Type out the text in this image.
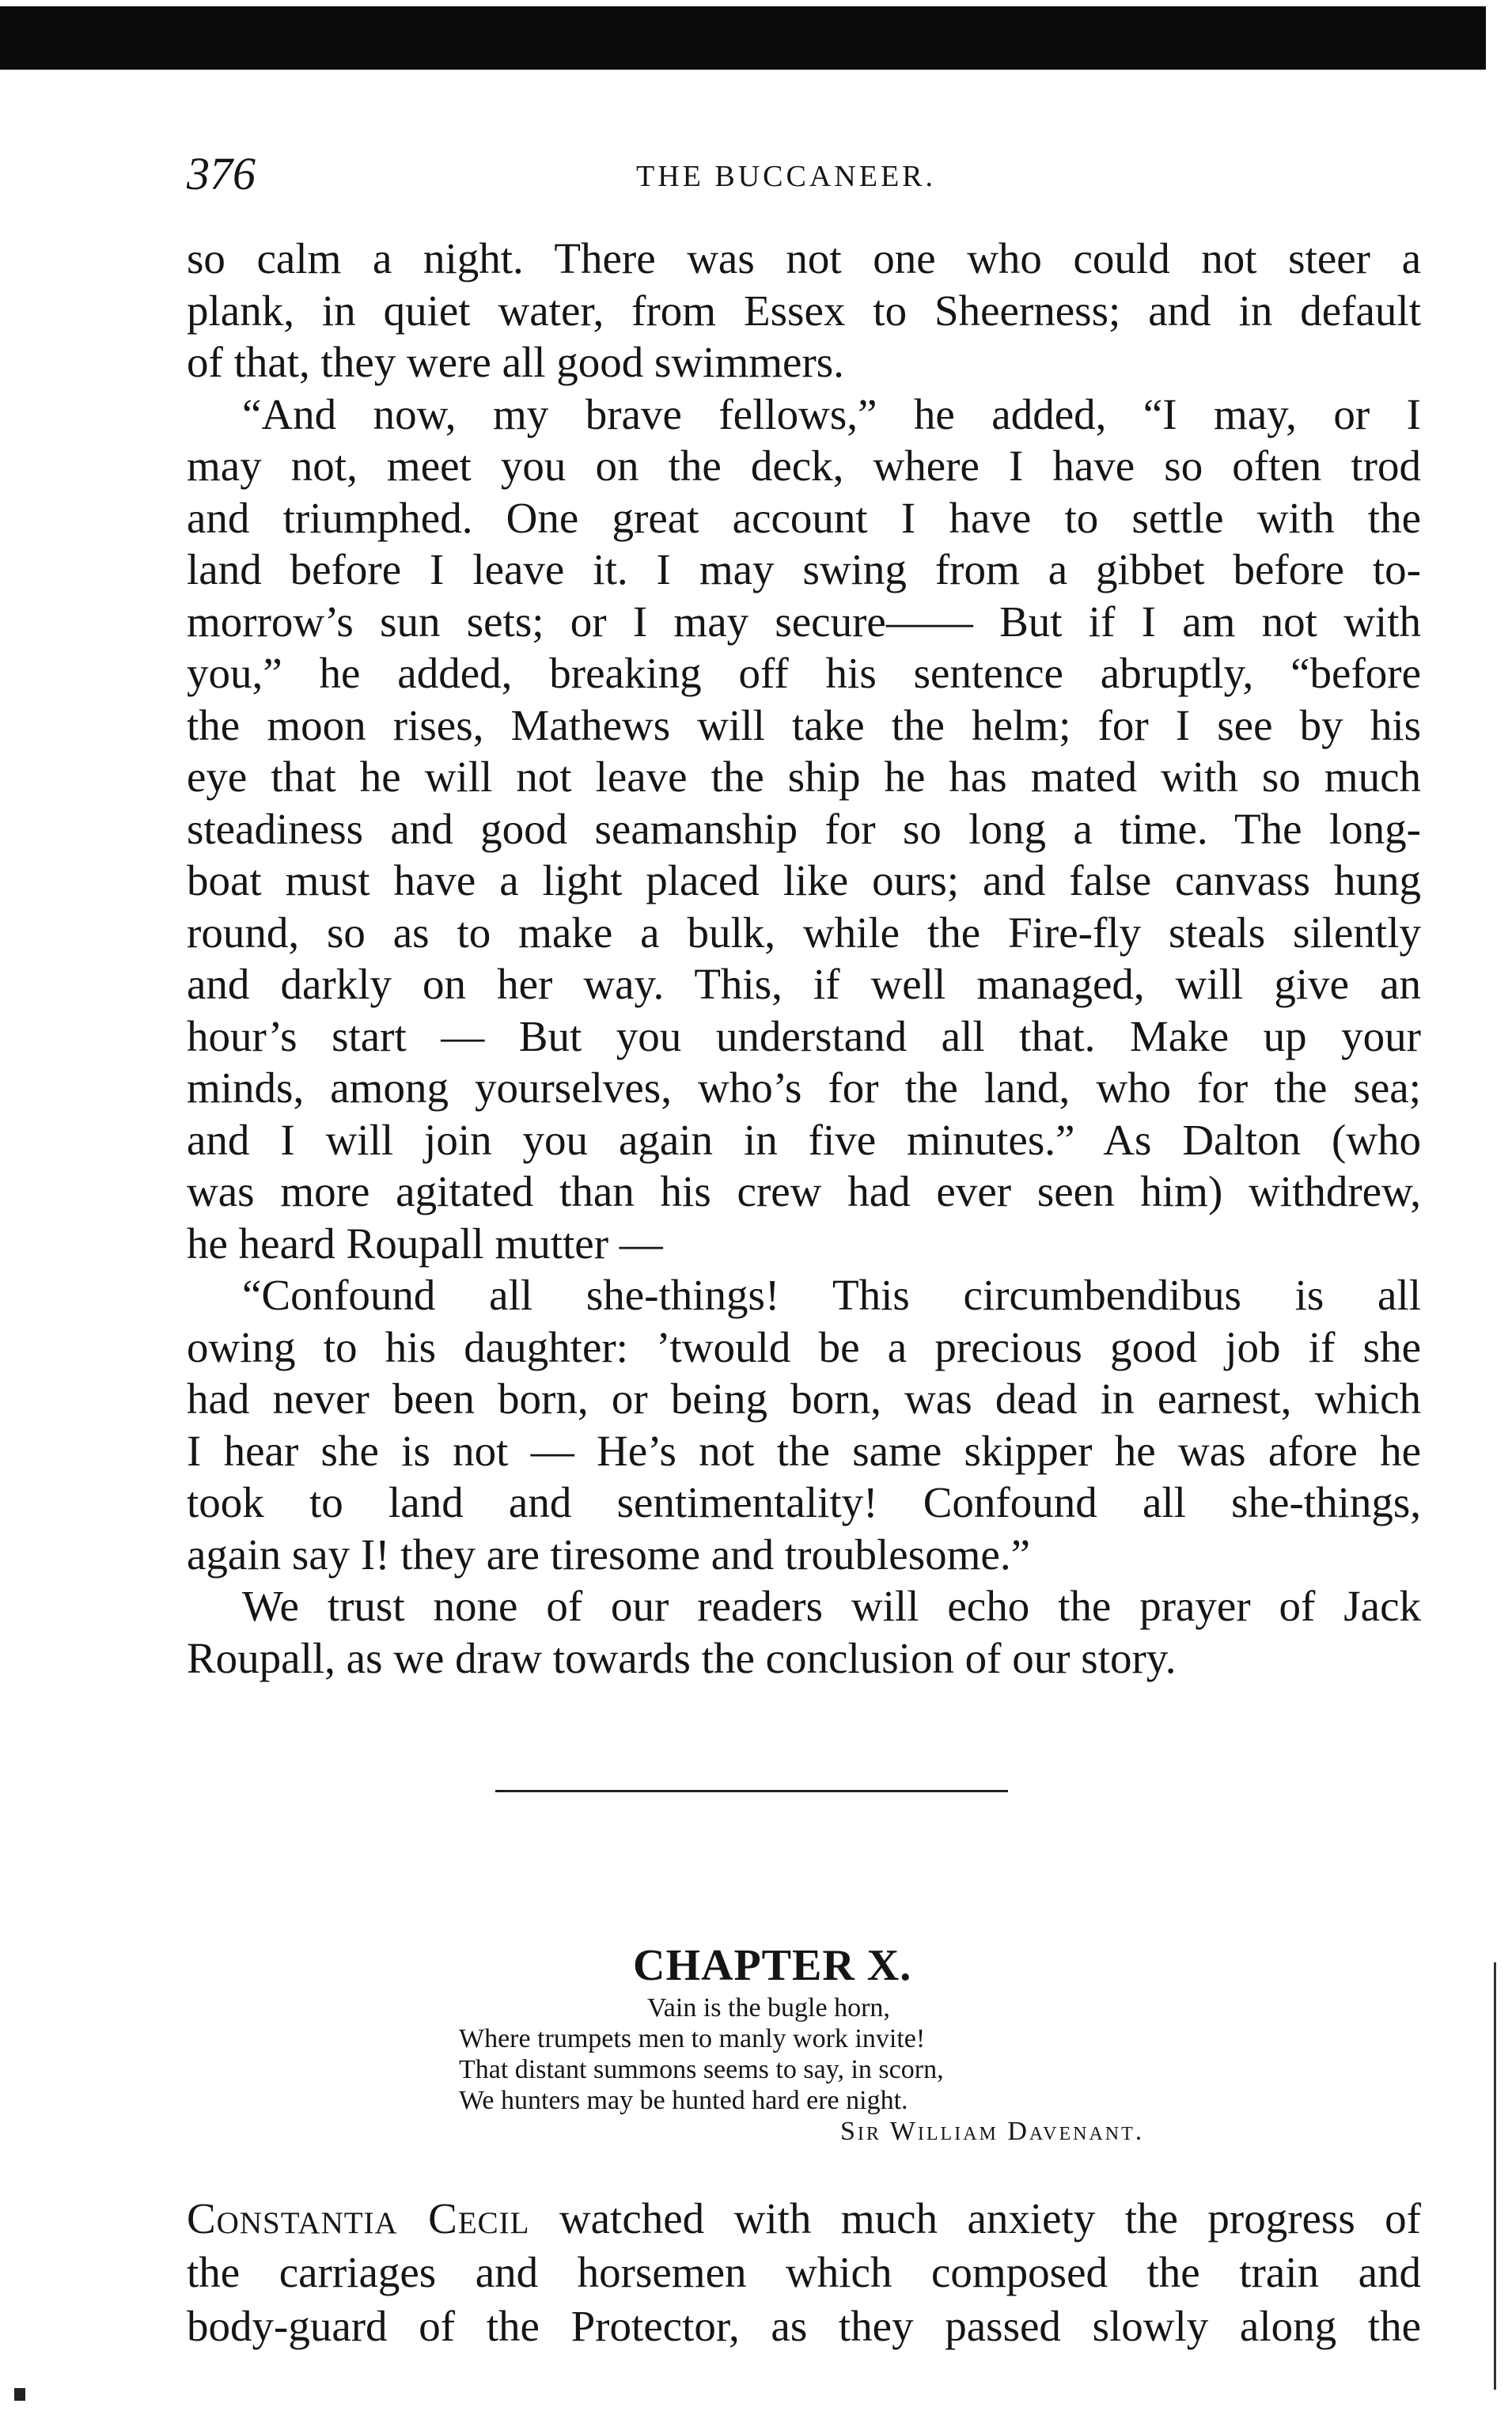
376	THE BUCCANEER.
so calm a night. There was not one who could not steer a
plank, in quiet water, from Essex to Sheerness; and in default
of that, they were all good swimmers.
“And now, my brave fellows,” he added, “I may, or I
may not, meet you on the deck, where I have so often trod
and triumphed. One great account I have to settle with the
land before I leave it. I may swing from a gibbet before to-
morrow’s sun sets; or I may secure—— But if I am not with
you,” he added, breaking off his sentence abruptly, “before
the moon rises, Mathews will take the helm; for I see by his
eye that he will not leave the ship he has mated with so much
steadiness and good seamanship for so long a time. The long-
boat must have a light placed like ours; and false canvass hung
round, so as to make a bulk, while the Fire-fly steals silently
and darkly on her way. This, if well managed, will give an
hour’s start — But you understand all that. Make up your
minds, among yourselves, who’s for the land, who for the sea;
and I will join you again in five minutes.” As Dalton (who
was more agitated than his crew had ever seen him) withdrew,
he heard Roupall mutter —
“Confound all she-things! This circumbendibus is all
owing to his daughter: ’twould be a precious good job if she
had never been born, or being born, was dead in earnest, which
I hear she is not — He’s not the same skipper he was afore he
took to land and sentimentality! Confound all she-things,
again say I! they are tiresome and troublesome.”
We trust none of our readers will echo the prayer of Jack
Roupall, as we draw towards the conclusion of our story.
CHAPTER X.
Vain is the bugle horn,
Where trumpets men to manly work invite!
That distant summons seems to say, in scorn,
We hunters may be hunted hard ere night.
Sir William Davenant.
Constantia Cecil watched with much anxiety the progress of
the carriages and horsemen which composed the train and
body-guard of the Protector, as they passed slowly along the
